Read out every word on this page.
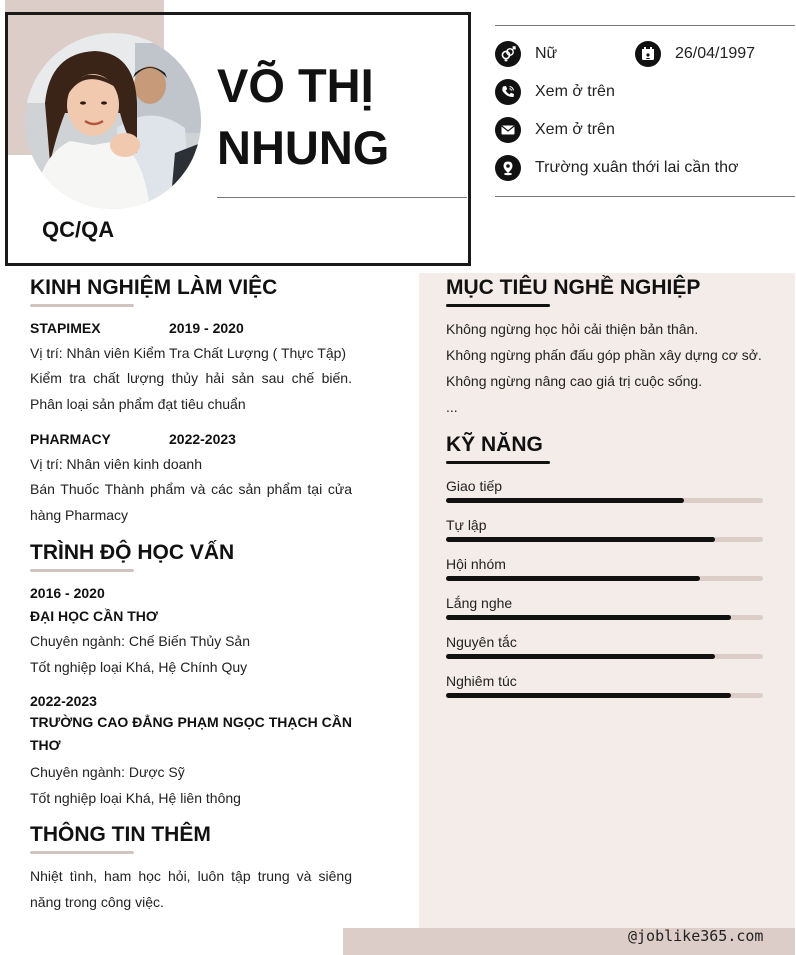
VÕ THỊ
NHUNG
QC/QA
Nữ	26/04/1997
Xem ở trên
Xem ở trên
Trường xuân thới lai cần thơ
@joblike365.com
KINH NGHIỆM LÀM VIỆC
STAPIMEX	2019 - 2020
Vị trí: Nhân viên Kiểm Tra Chất Lượng ( Thực Tập)
Kiểm tra chất lượng thủy hải sản sau chế biến. Phân loại sản phẩm đạt tiêu chuẩn
PHARMACY	2022-2023
Vị trí: Nhân viên kinh doanh
Bán Thuốc Thành phẩm và các sản phẩm tại cửa hàng Pharmacy
TRÌNH ĐỘ HỌC VẤN
2016 - 2020
ĐẠI HỌC CẦN THƠ
Chuyên ngành: Chế Biến Thủy Sản
Tốt nghiệp loại Khá, Hệ Chính Quy
2022-2023
TRƯỜNG CAO ĐẲNG PHẠM NGỌC THẠCH CẦN THƠ
Chuyên ngành: Dược Sỹ
Tốt nghiệp loại Khá, Hệ liên thông
THÔNG TIN THÊM
Nhiệt tình, ham học hỏi, luôn tập trung và siêng năng trong công việc.
MỤC TIÊU NGHỀ NGHIỆP
Không ngừng học hỏi cải thiện bản thân.
Không ngừng phấn đấu góp phần xây dựng cơ sở.
Không ngừng nâng cao giá trị cuộc sống.
...
KỸ NĂNG
Giao tiếp
Tự lập
Hội nhóm
Lắng nghe
Nguyên tắc
Nghiêm túc
